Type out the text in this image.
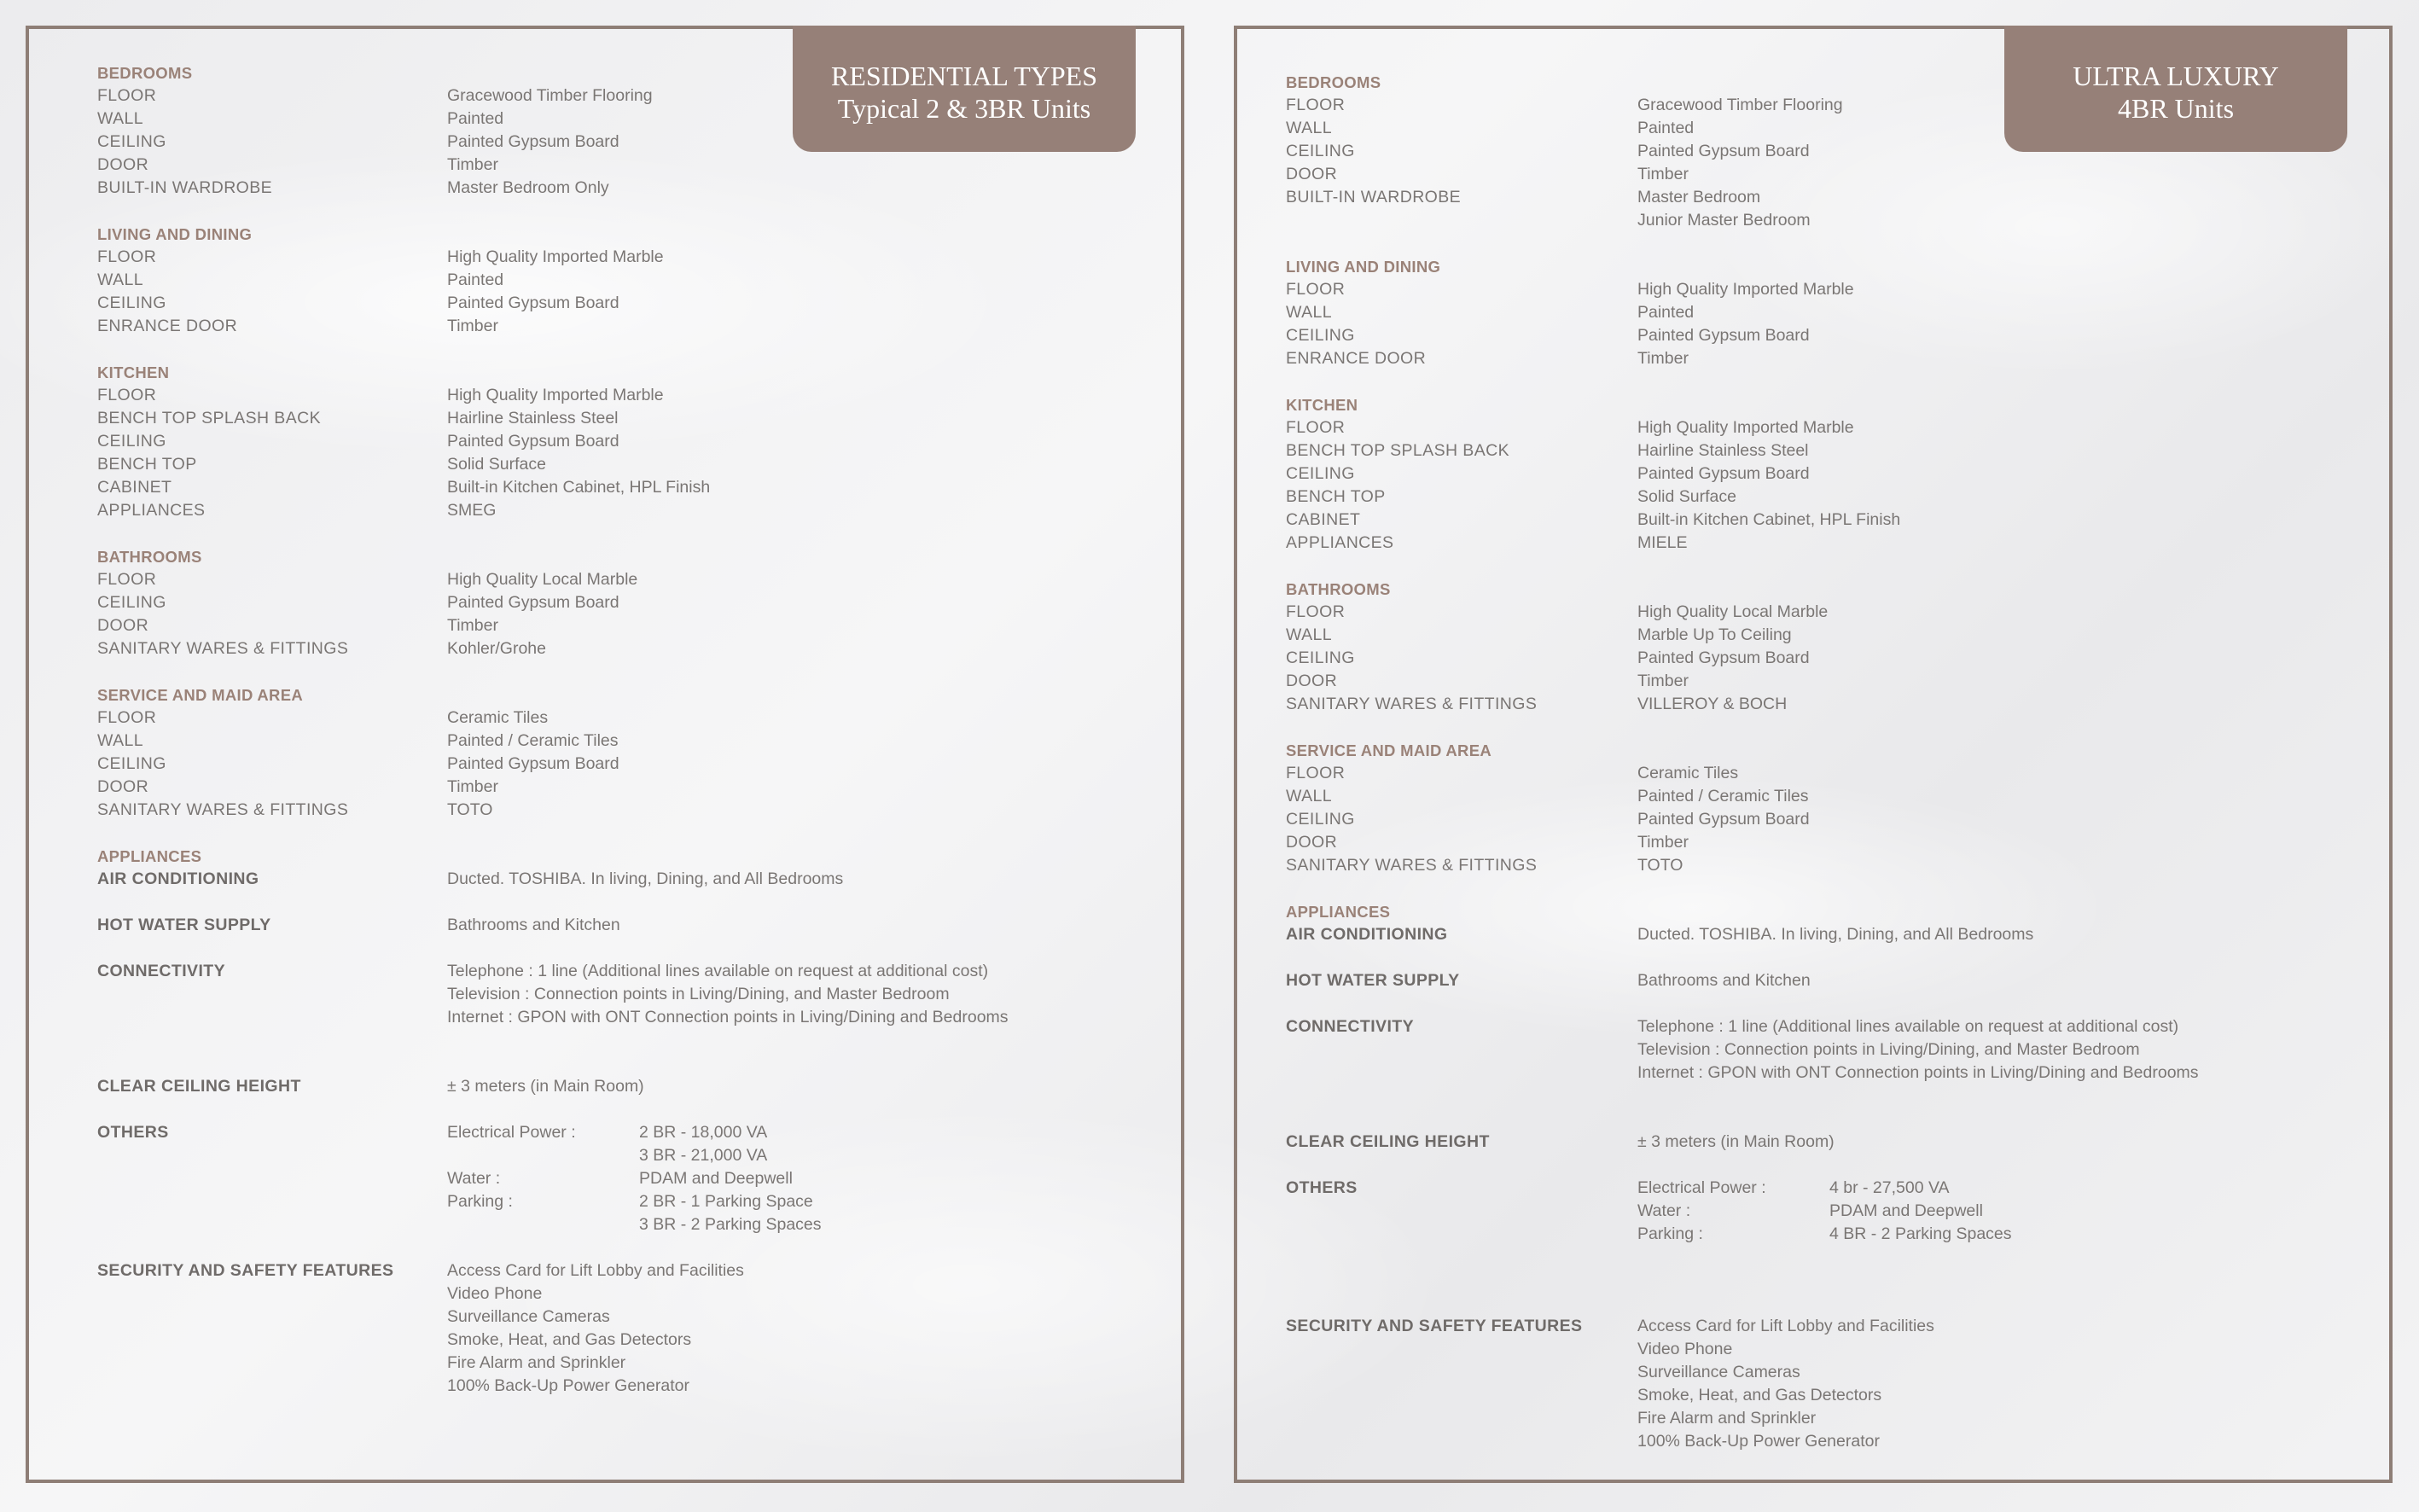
RESIDENTIAL TYPES
Typical 2 & 3BR Units
BEDROOMS
FLOOR	Gracewood Timber Flooring
WALL	Painted
CEILING	Painted Gypsum Board
DOOR	Timber
BUILT-IN WARDROBE	Master Bedroom Only
LIVING AND DINING
FLOOR	High Quality Imported Marble
WALL	Painted
CEILING	Painted Gypsum Board
ENRANCE DOOR	Timber
KITCHEN
FLOOR	High Quality Imported Marble
BENCH TOP SPLASH BACK	Hairline Stainless Steel
CEILING	Painted Gypsum Board
BENCH TOP	Solid Surface
CABINET	Built-in Kitchen Cabinet, HPL Finish
APPLIANCES	SMEG
BATHROOMS
FLOOR	High Quality Local Marble
CEILING	Painted Gypsum Board
DOOR	Timber
SANITARY WARES & FITTINGS	Kohler/Grohe
SERVICE AND MAID AREA
FLOOR	Ceramic Tiles
WALL	Painted / Ceramic Tiles
CEILING	Painted Gypsum Board
DOOR	Timber
SANITARY WARES & FITTINGS	TOTO
APPLIANCES
AIR CONDITIONING	Ducted. TOSHIBA. In living, Dining, and All Bedrooms
HOT WATER SUPPLY	Bathrooms and Kitchen
CONNECTIVITY	Telephone : 1 line (Additional lines available on request at additional cost)
Television : Connection points in Living/Dining, and Master Bedroom
Internet : GPON with ONT Connection points in Living/Dining and Bedrooms
CLEAR CEILING HEIGHT	± 3 meters (in Main Room)
OTHERS	Electrical Power :	2 BR - 18,000 VA
3 BR - 21,000 VA
Water :	PDAM and Deepwell
Parking :	2 BR - 1 Parking Space
3 BR - 2 Parking Spaces
SECURITY AND SAFETY FEATURES	Access Card for Lift Lobby and Facilities
Video Phone
Surveillance Cameras
Smoke, Heat, and Gas Detectors
Fire Alarm and Sprinkler
100% Back-Up Power Generator
ULTRA LUXURY
4BR Units
BEDROOMS
FLOOR	Gracewood Timber Flooring
WALL	Painted
CEILING	Painted Gypsum Board
DOOR	Timber
BUILT-IN WARDROBE	Master Bedroom
Junior Master Bedroom
LIVING AND DINING
FLOOR	High Quality Imported Marble
WALL	Painted
CEILING	Painted Gypsum Board
ENRANCE DOOR	Timber
KITCHEN
FLOOR	High Quality Imported Marble
BENCH TOP SPLASH BACK	Hairline Stainless Steel
CEILING	Painted Gypsum Board
BENCH TOP	Solid Surface
CABINET	Built-in Kitchen Cabinet, HPL Finish
APPLIANCES	MIELE
BATHROOMS
FLOOR	High Quality Local Marble
WALL	Marble Up To Ceiling
CEILING	Painted Gypsum Board
DOOR	Timber
SANITARY WARES & FITTINGS	VILLEROY & BOCH
SERVICE AND MAID AREA
FLOOR	Ceramic Tiles
WALL	Painted / Ceramic Tiles
CEILING	Painted Gypsum Board
DOOR	Timber
SANITARY WARES & FITTINGS	TOTO
APPLIANCES
AIR CONDITIONING	Ducted. TOSHIBA. In living, Dining, and All Bedrooms
HOT WATER SUPPLY	Bathrooms and Kitchen
CONNECTIVITY	Telephone : 1 line (Additional lines available on request at additional cost)
Television : Connection points in Living/Dining, and Master Bedroom
Internet : GPON with ONT Connection points in Living/Dining and Bedrooms
CLEAR CEILING HEIGHT	± 3 meters (in Main Room)
OTHERS	Electrical Power :	4 br - 27,500 VA
Water :	PDAM and Deepwell
Parking :	4 BR - 2 Parking Spaces
SECURITY AND SAFETY FEATURES	Access Card for Lift Lobby and Facilities
Video Phone
Surveillance Cameras
Smoke, Heat, and Gas Detectors
Fire Alarm and Sprinkler
100% Back-Up Power Generator
